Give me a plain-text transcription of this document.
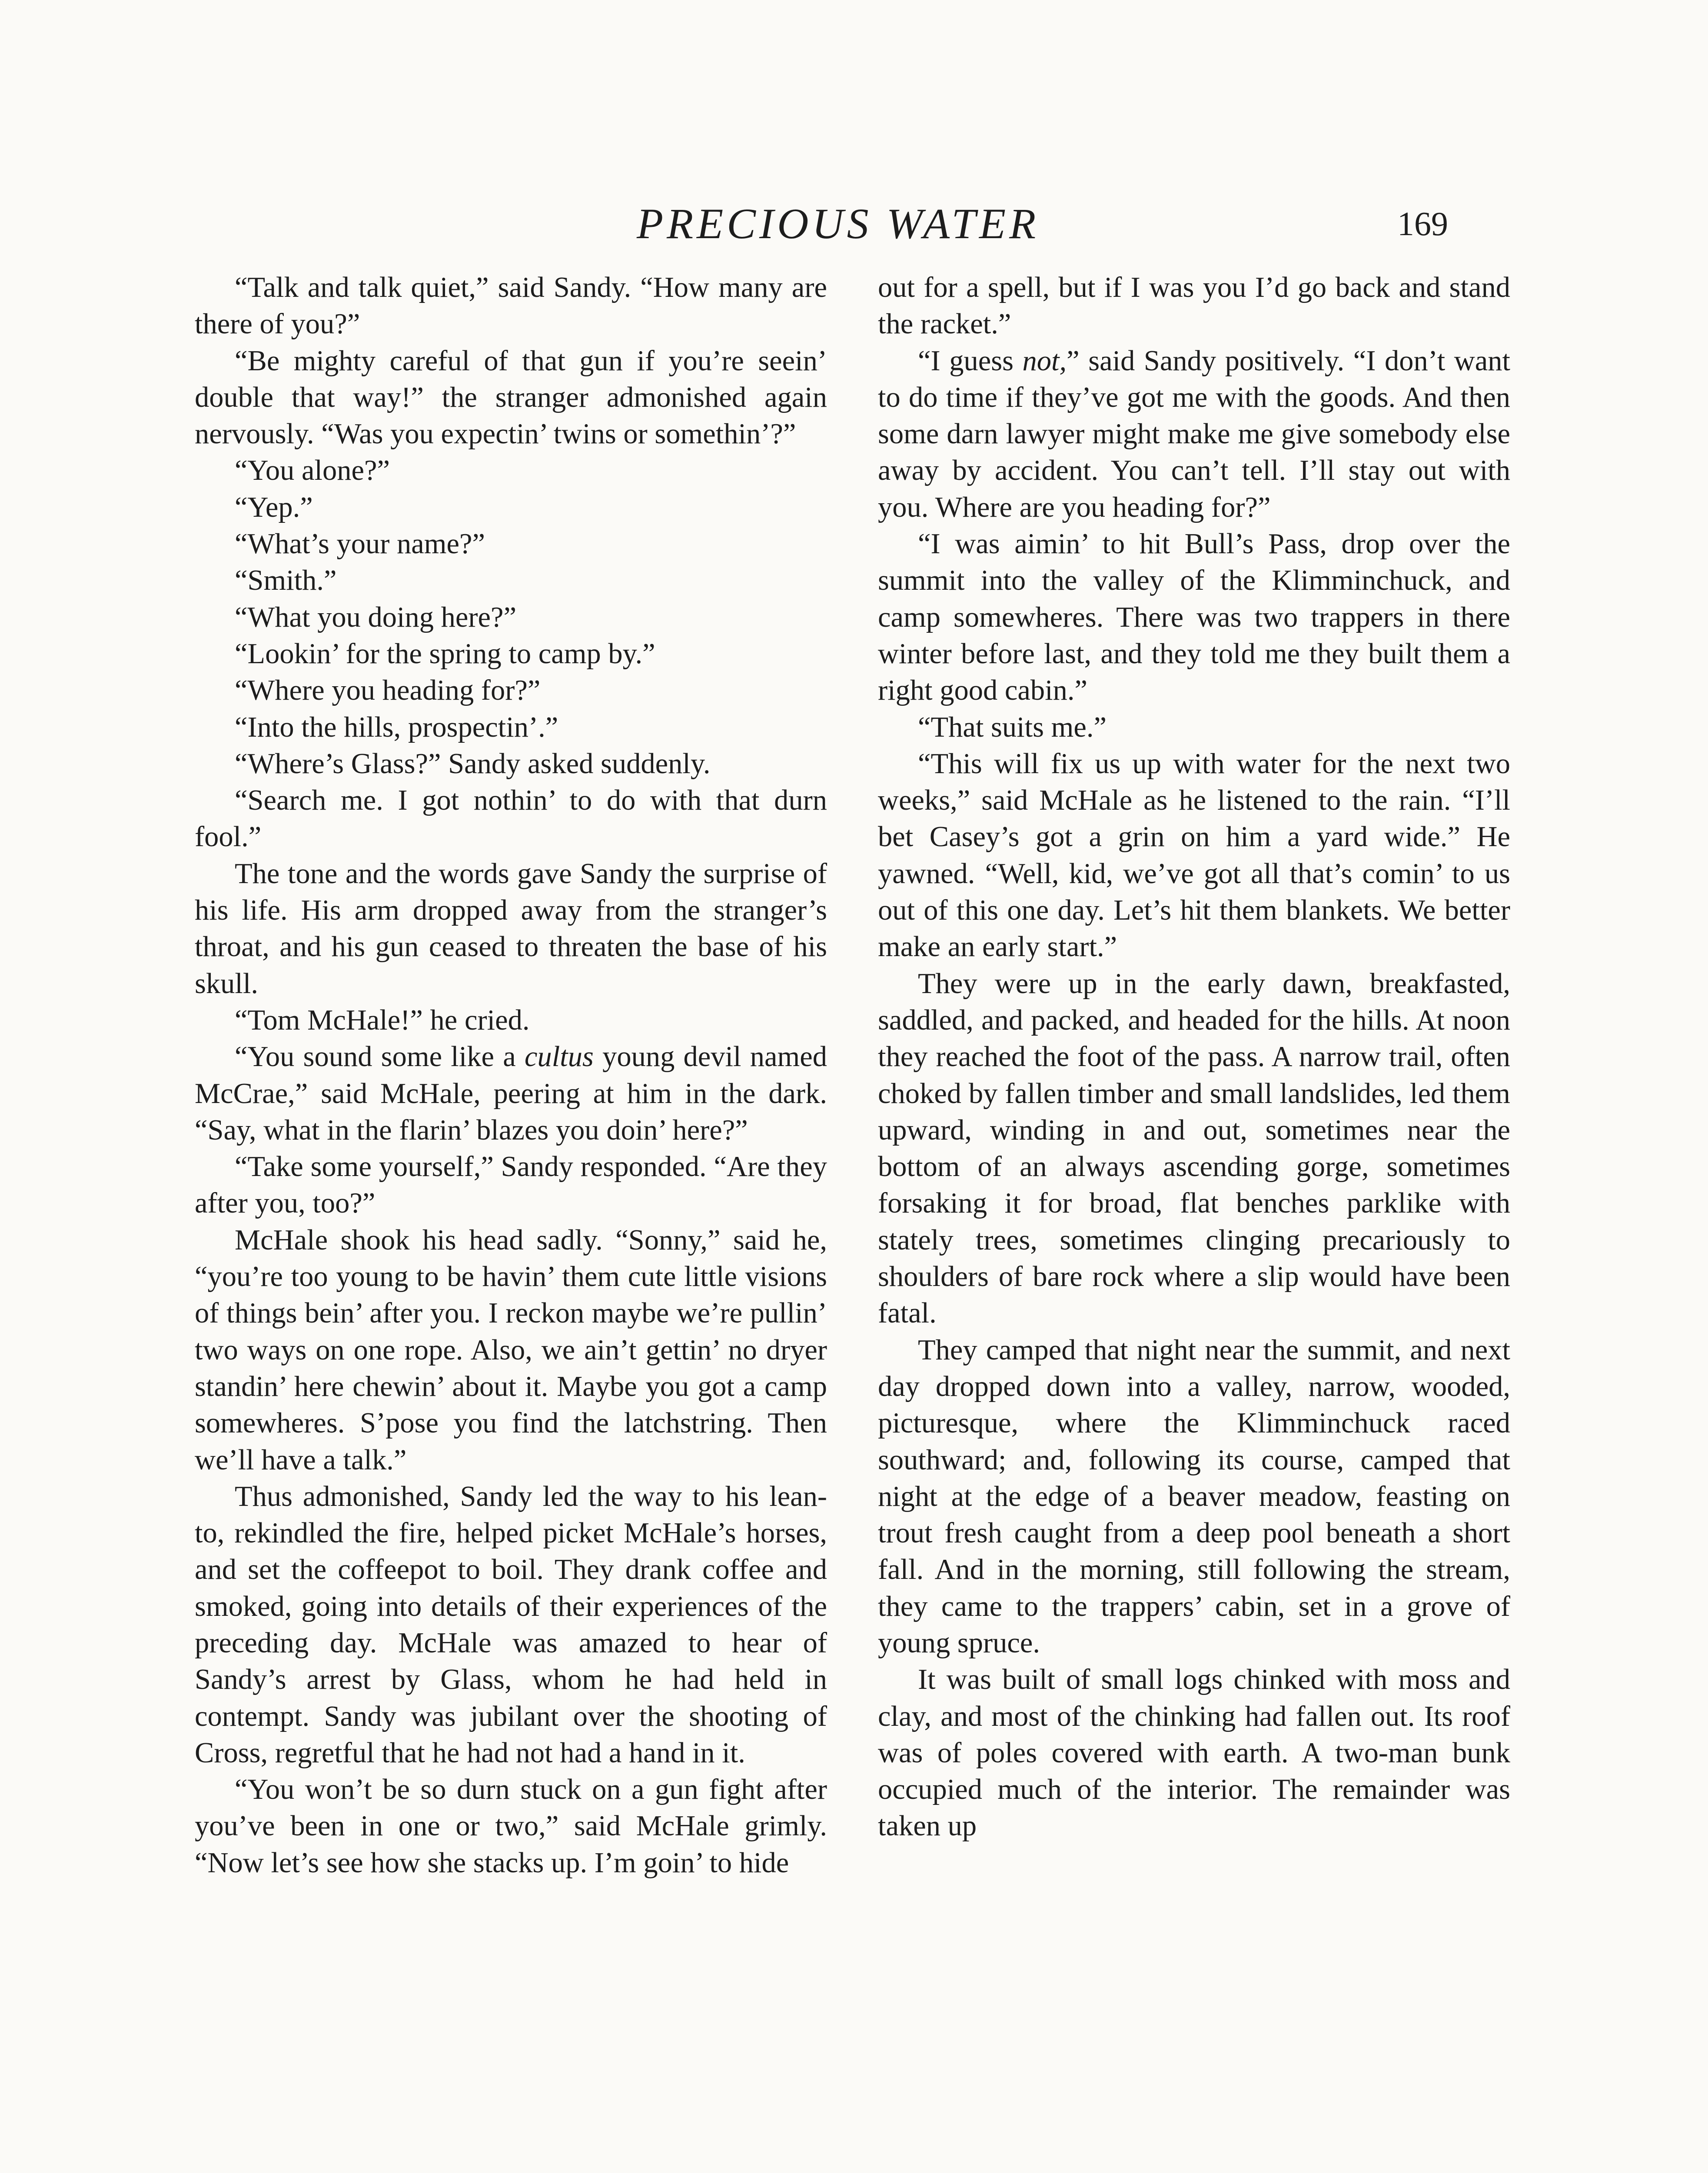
PRECIOUS WATER	169

“Talk and talk quiet,” said Sandy. “How many are there of you?”

“Be mighty careful of that gun if you’re seein’ double that way!” the stranger admonished again nervously. “Was you expectin’ twins or somethin’?”

“You alone?”

“Yep.”

“What’s your name?”

“Smith.”

“What you doing here?”

“Lookin’ for the spring to camp by.”

“Where you heading for?”

“Into the hills, prospectin’.”

“Where’s Glass?” Sandy asked suddenly.

“Search me. I got nothin’ to do with that durn fool.”

The tone and the words gave Sandy the surprise of his life. His arm dropped away from the stranger’s throat, and his gun ceased to threaten the base of his skull.

“Tom McHale!” he cried.

“You sound some like a cultus young devil named McCrae,” said McHale, peering at him in the dark. “Say, what in the flarin’ blazes you doin’ here?”

“Take some yourself,” Sandy responded. “Are they after you, too?”

McHale shook his head sadly. “Sonny,” said he, “you’re too young to be havin’ them cute little visions of things bein’ after you. I reckon maybe we’re pullin’ two ways on one rope. Also, we ain’t gettin’ no dryer standin’ here chewin’ about it. Maybe you got a camp somewheres. S’pose you find the latchstring. Then we’ll have a talk.”

Thus admonished, Sandy led the way to his lean-to, rekindled the fire, helped picket McHale’s horses, and set the coffeepot to boil. They drank coffee and smoked, going into details of their experiences of the preceding day. McHale was amazed to hear of Sandy’s arrest by Glass, whom he had held in contempt. Sandy was jubilant over the shooting of Cross, regretful that he had not had a hand in it.

“You won’t be so durn stuck on a gun fight after you’ve been in one or two,” said McHale grimly. “Now let’s see how she stacks up. I’m goin’ to hide

out for a spell, but if I was you I’d go back and stand the racket.”

“I guess not,” said Sandy positively. “I don’t want to do time if they’ve got me with the goods. And then some darn lawyer might make me give somebody else away by accident. You can’t tell. I’ll stay out with you. Where are you heading for?”

“I was aimin’ to hit Bull’s Pass, drop over the summit into the valley of the Klimminchuck, and camp somewheres. There was two trappers in there winter before last, and they told me they built them a right good cabin.”

“That suits me.”

“This will fix us up with water for the next two weeks,” said McHale as he listened to the rain. “I’ll bet Casey’s got a grin on him a yard wide.” He yawned. “Well, kid, we’ve got all that’s comin’ to us out of this one day. Let’s hit them blankets. We better make an early start.”

They were up in the early dawn, breakfasted, saddled, and packed, and headed for the hills. At noon they reached the foot of the pass. A narrow trail, often choked by fallen timber and small landslides, led them upward, winding in and out, sometimes near the bottom of an always ascending gorge, sometimes forsaking it for broad, flat benches parklike with stately trees, sometimes clinging precariously to shoulders of bare rock where a slip would have been fatal.

They camped that night near the summit, and next day dropped down into a valley, narrow, wooded, picturesque, where the Klimminchuck raced southward; and, following its course, camped that night at the edge of a beaver meadow, feasting on trout fresh caught from a deep pool beneath a short fall. And in the morning, still following the stream, they came to the trappers’ cabin, set in a grove of young spruce.

It was built of small logs chinked with moss and clay, and most of the chinking had fallen out. Its roof was of poles covered with earth. A two-man bunk occupied much of the interior. The remainder was taken up
